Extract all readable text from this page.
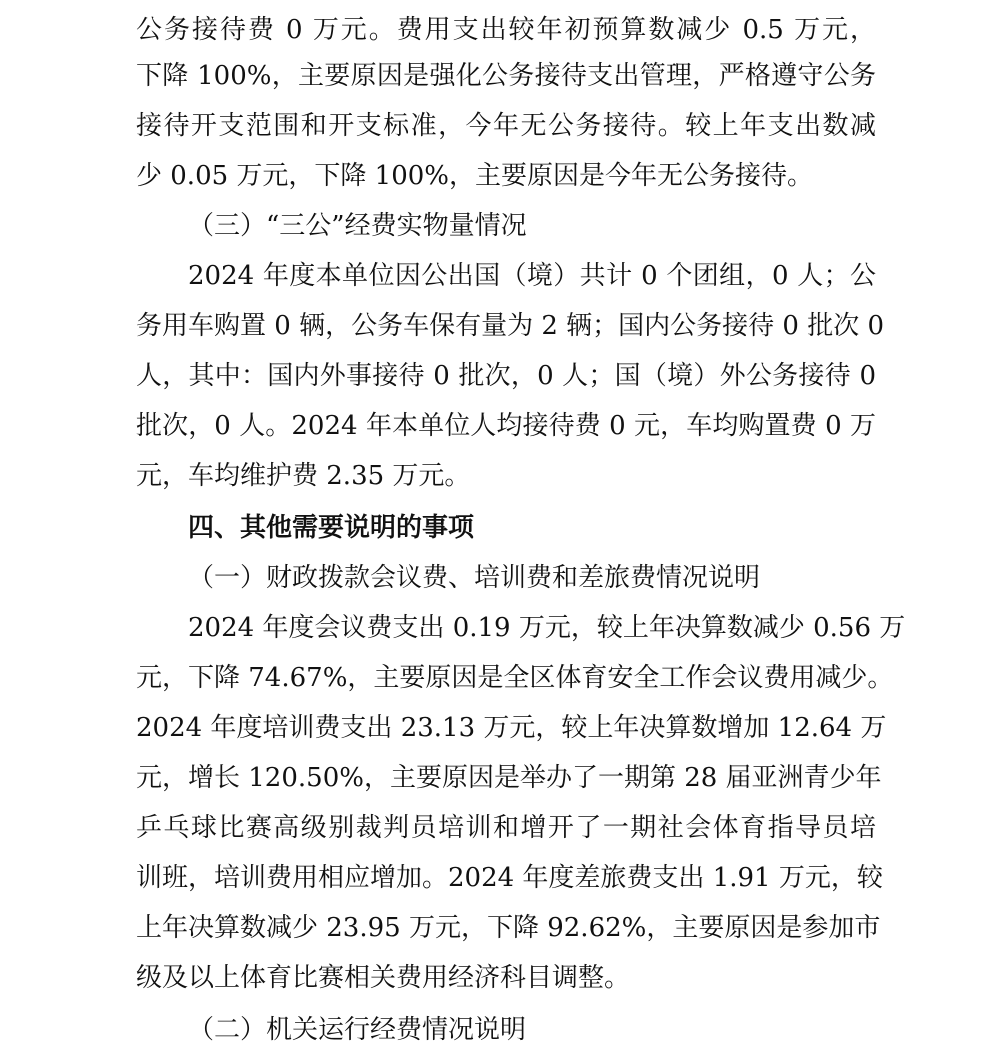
公务接待费 0 万元。费用支出较年初预算数减少 0.5 万元，
下降 100%，主要原因是强化公务接待支出管理，严格遵守公务
接待开支范围和开支标准，今年无公务接待。较上年支出数减
少 0.05 万元，下降 100%，主要原因是今年无公务接待。
（三）“三公”经费实物量情况
2024 年度本单位因公出国（境）共计 0 个团组，0 人；公
务用车购置 0 辆，公务车保有量为 2 辆；国内公务接待 0 批次 0
人，其中：国内外事接待 0 批次，0 人；国（境）外公务接待 0
批次，0 人。2024 年本单位人均接待费 0 元，车均购置费 0 万
元，车均维护费 2.35 万元。
四、其他需要说明的事项
（一）财政拨款会议费、培训费和差旅费情况说明
2024 年度会议费支出 0.19 万元，较上年决算数减少 0.56 万
元，下降 74.67%，主要原因是全区体育安全工作会议费用减少。
2024 年度培训费支出 23.13 万元，较上年决算数增加 12.64 万
元，增长 120.50%，主要原因是举办了一期第 28 届亚洲青少年
乒乓球比赛高级别裁判员培训和增开了一期社会体育指导员培
训班，培训费用相应增加。2024 年度差旅费支出 1.91 万元，较
上年决算数减少 23.95 万元，下降 92.62%，主要原因是参加市
级及以上体育比赛相关费用经济科目调整。
（二）机关运行经费情况说明
